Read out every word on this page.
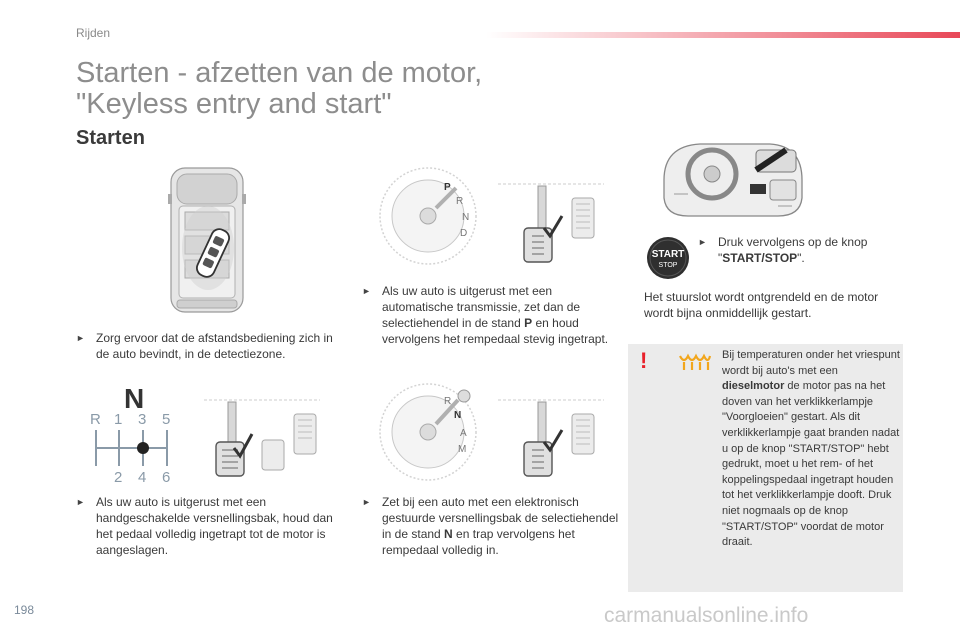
Rijden
Starten - afzetten van de motor,
"Keyless entry and start"
Starten
P
R
N
D
START
STOP
N
R 1 3 5
2 4 6
R
N
A
M
► Zorg ervoor dat de afstandsbediening zich in de auto bevindt, in de detectiezone.
► Als uw auto is uitgerust met een automatische transmissie, zet dan de selectiehendel in de stand P en houd vervolgens het rempedaal stevig ingetrapt.
► Druk vervolgens op de knop "START/STOP".
Het stuurslot wordt ontgrendeld en de motor wordt bijna onmiddellijk gestart.
► Als uw auto is uitgerust met een handgeschakelde versnellingsbak, houd dan het pedaal volledig ingetrapt tot de motor is aangeslagen.
► Zet bij een auto met een elektronisch gestuurde versnellingsbak de selectiehendel in de stand N en trap vervolgens het rempedaal volledig in.
!	Bij temperaturen onder het vriespunt wordt bij auto's met een dieselmotor de motor pas na het doven van het verklikkerlampje "Voorgloeien" gestart. Als dit verklikkerlampje gaat branden nadat u op de knop "START/STOP" hebt gedrukt, moet u het rem- of het koppelingspedaal ingetrapt houden tot het verklikkerlampje dooft. Druk niet nogmaals op de knop "START/STOP" voordat de motor draait.
198	carmanualsonline.info
